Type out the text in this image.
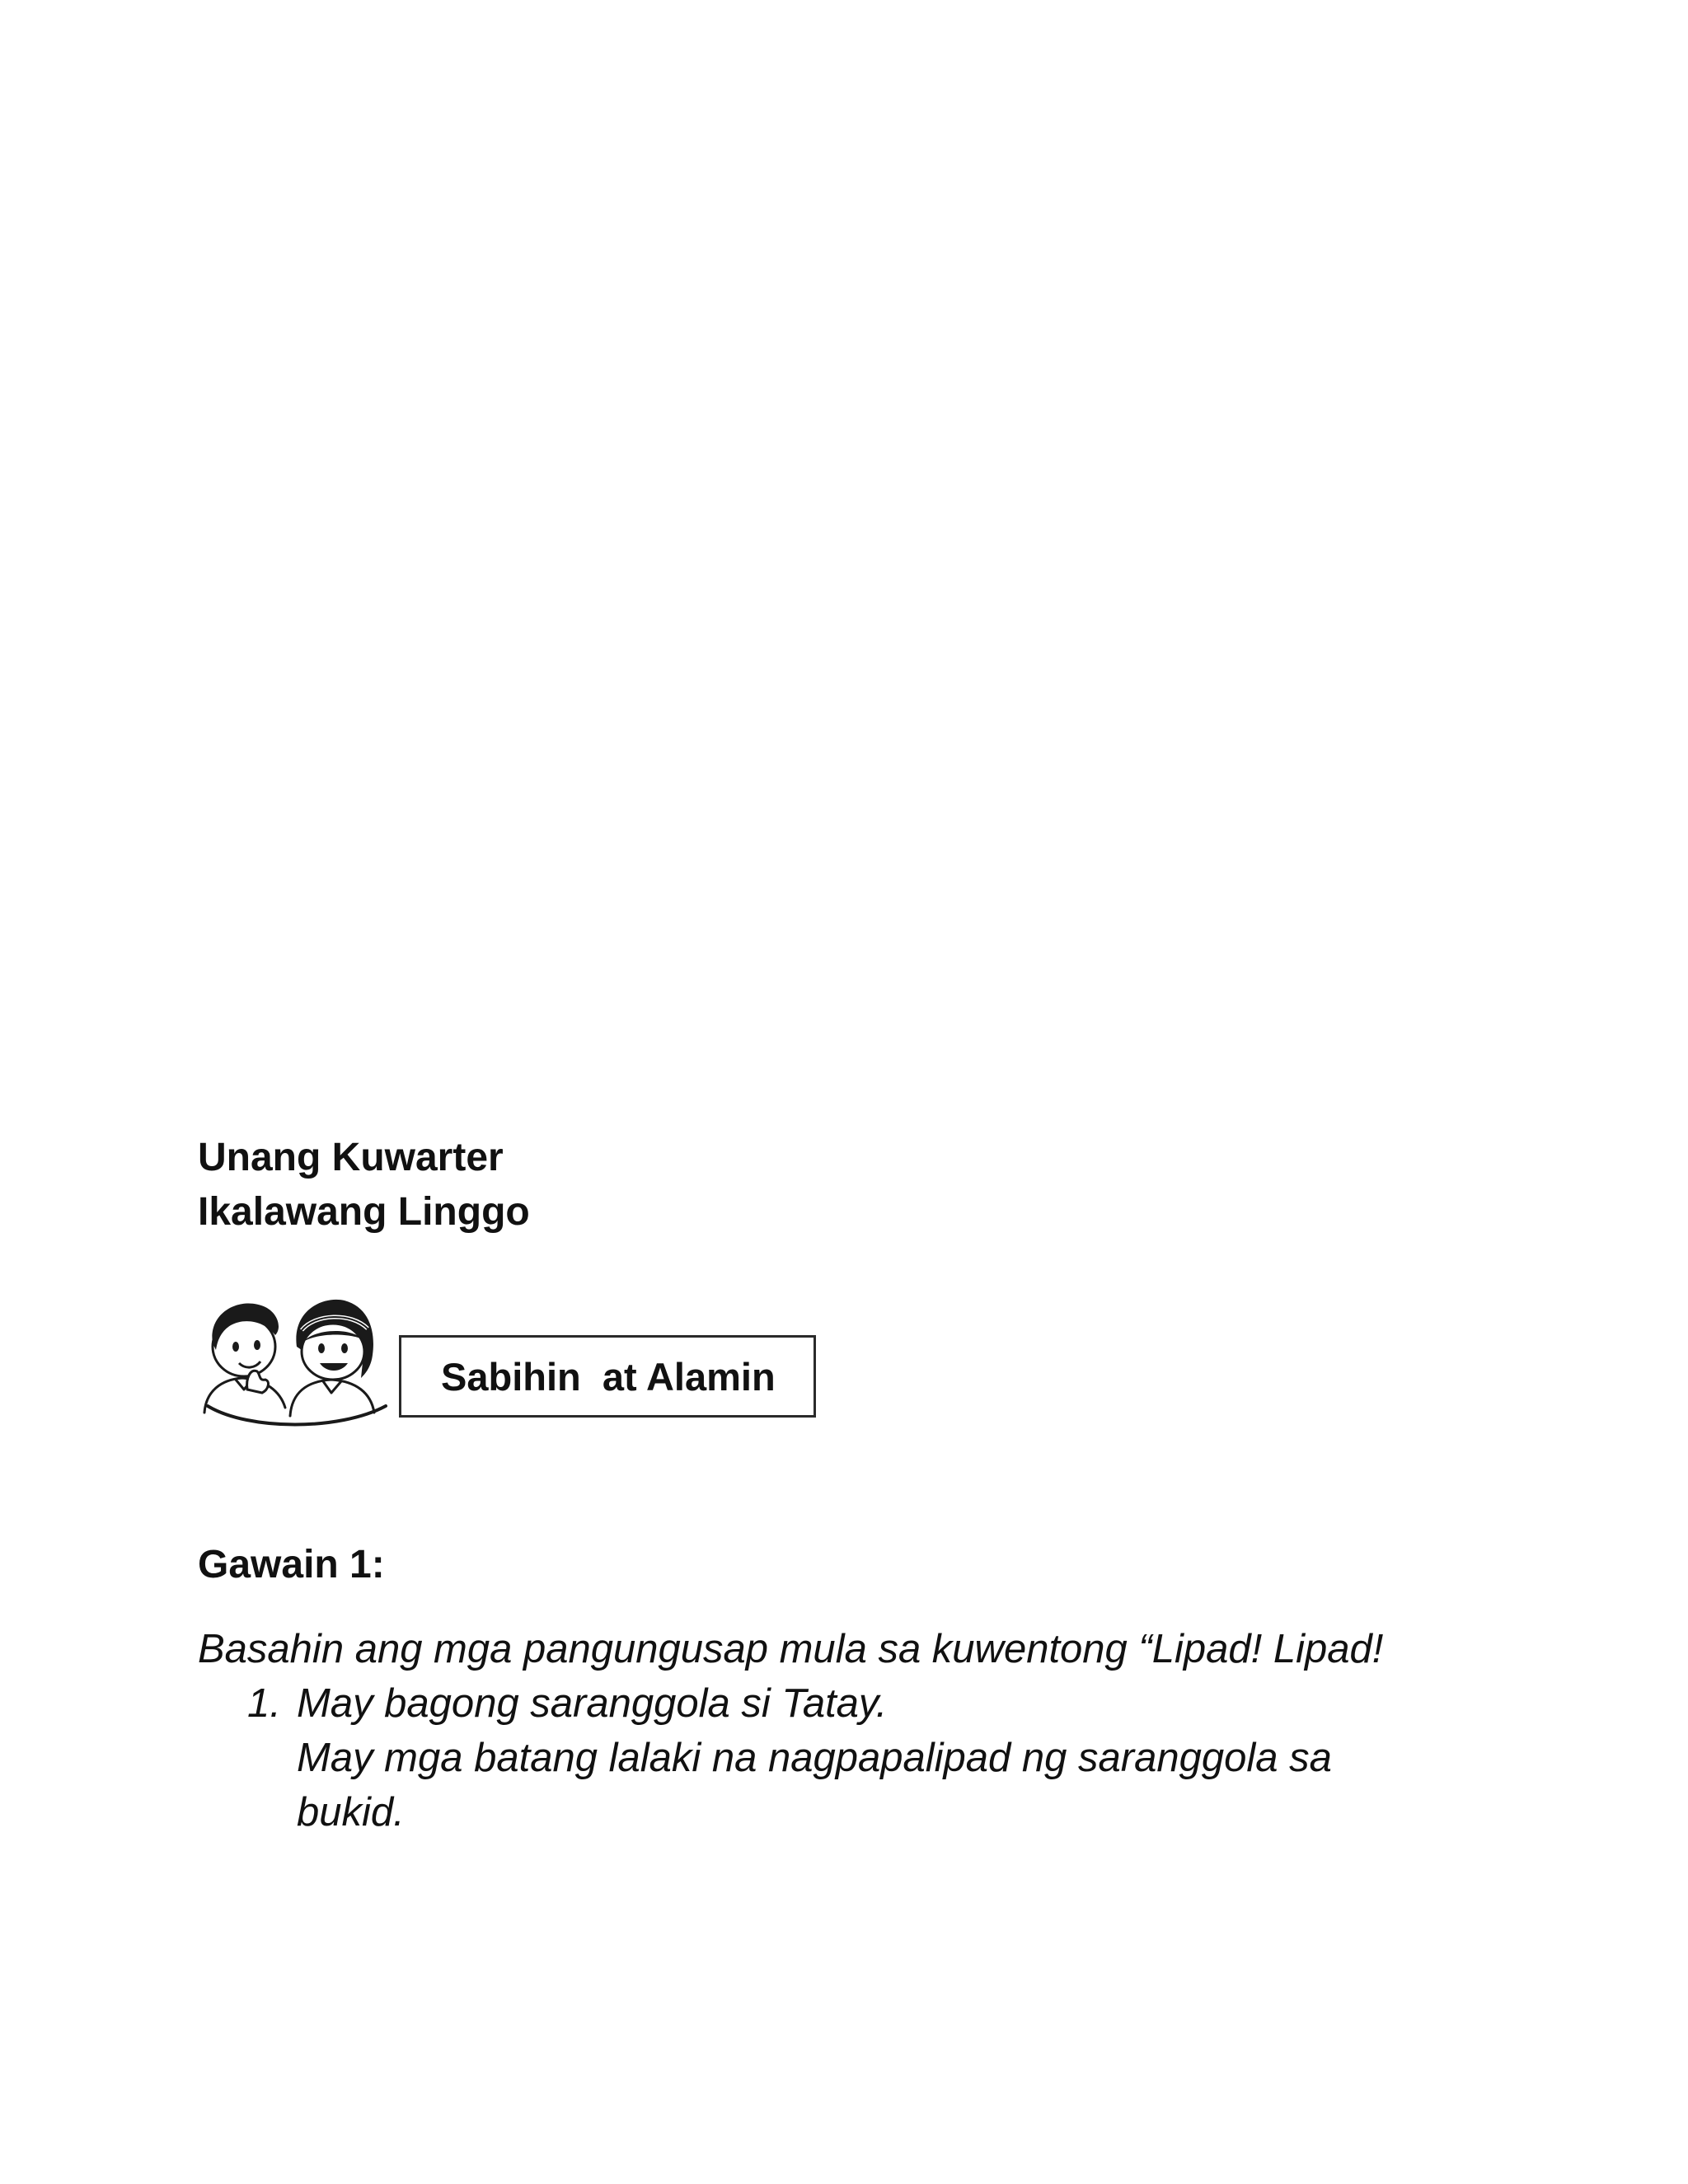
Unang Kuwarter
Ikalawang Linggo
Sabihin  at Alamin
Gawain 1:
Basahin ang mga pangungusap mula sa kuwentong “Lipad! Lipad!
1. May bagong saranggola si Tatay.
May mga batang lalaki na nagpapalipad ng saranggola sa
bukid.
